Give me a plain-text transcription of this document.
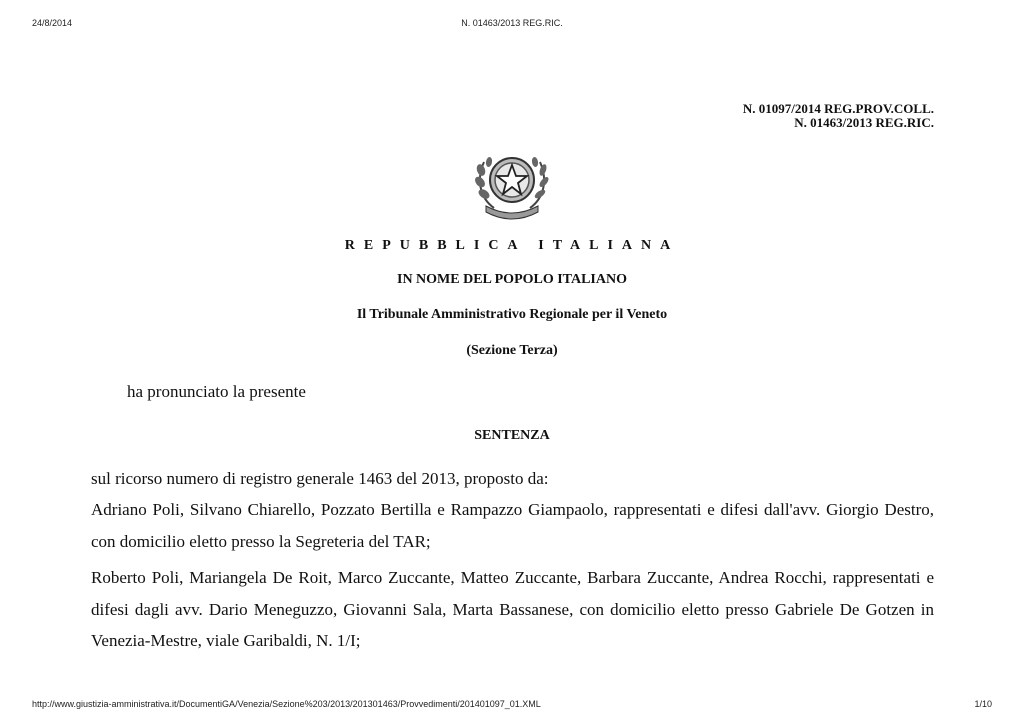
24/8/2014	N. 01463/2013 REG.RIC.
N. 01097/2014 REG.PROV.COLL.
N. 01463/2013 REG.RIC.
REPUBBLICA ITALIANA
IN NOME DEL POPOLO ITALIANO
Il Tribunale Amministrativo Regionale per il Veneto
(Sezione Terza)
ha pronunciato la presente
SENTENZA
sul ricorso numero di registro generale 1463 del 2013, proposto da:
Adriano Poli, Silvano Chiarello, Pozzato Bertilla e Rampazzo Giampaolo, rappresentati e difesi dall'avv. Giorgio Destro, con domicilio eletto presso la Segreteria del TAR;
Roberto Poli, Mariangela De Roit, Marco Zuccante, Matteo Zuccante, Barbara Zuccante, Andrea Rocchi, rappresentati e difesi dagli avv. Dario Meneguzzo, Giovanni Sala, Marta Bassanese, con domicilio eletto presso Gabriele De Gotzen in Venezia-Mestre, viale Garibaldi, N. 1/I;
http://www.giustizia-amministrativa.it/DocumentiGA/Venezia/Sezione%203/2013/201301463/Provvedimenti/201401097_01.XML	1/10
